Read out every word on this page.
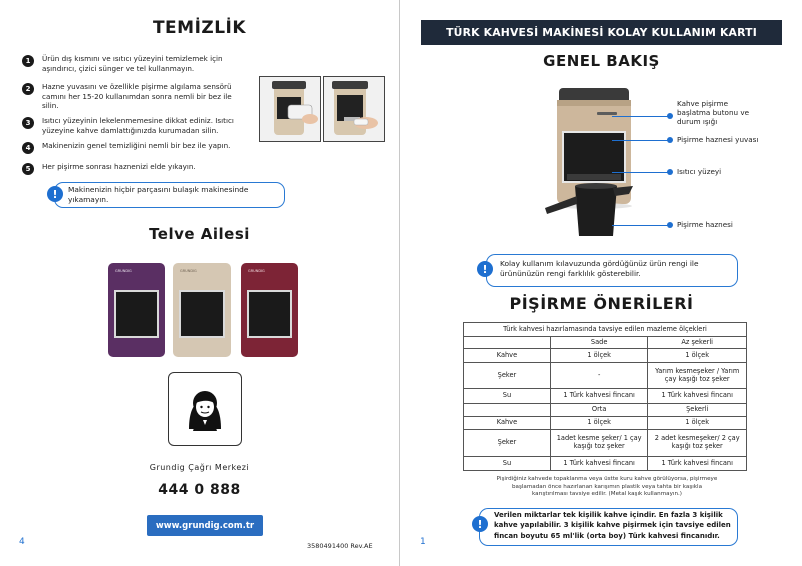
TEMİZLİK
1	Ürün dış kısmını ve ısıtıcı yüzeyini temizlemek için aşındırıcı, çizici sünger ve tel kullanmayın.
2	Hazne yuvasını ve özellikle pişirme algılama sensörü camını her 15-20 kullanımdan sonra nemli bir bez ile silin.
3	Isıtıcı yüzeyinin lekelenmemesine dikkat ediniz. Isıtıcı yüzeyine kahve damlattığınızda kurumadan silin.
4	Makinenizin genel temizliğini nemli bir bez ile yapın.
5	Her pişirme sonrası haznenizi elde yıkayın.
!	Makinenizin hiçbir parçasını bulaşık makinesinde yıkamayın.
Telve Ailesi
GRUNDIG	GRUNDIG	GRUNDIG
Grundig Çağrı Merkezi
444 0 888
www.grundig.com.tr
4	3580491400 Rev.AE
TÜRK KAHVESİ MAKİNESİ KOLAY KULLANIM KARTI
GENEL BAKIŞ
Kahve pişirme başlatma butonu ve durum ışığı
Pişirme haznesi yuvası
Isıtıcı yüzeyi
Pişirme haznesi
!	Kolay kullanım kılavuzunda gördüğünüz ürün rengi ile ürününüzün rengi farklılık gösterebilir.
PİŞİRME ÖNERİLERİ
Türk kahvesi hazırlamasında tavsiye edilen mazleme ölçekleri		
	Sade	Az şekerli
Kahve	1 ölçek	1 ölçek
Şeker	-	Yarım kesmeşeker / Yarım çay kaşığı toz şeker
Su	1 Türk kahvesi fincanı	1 Türk kahvesi fincanı
	Orta	Şekerli
Kahve	1 ölçek	1 ölçek
Şeker	1adet kesme şeker/ 1 çay kaşığı toz şeker	2 adet kesmeşeker/ 2 çay kaşığı toz şeker
Su	1 Türk kahvesi fincanı	1 Türk kahvesi fincanı
Pişirdiğiniz kahvede topaklanma veya üstte kuru kahve görülüyorsa, pişirmeye başlamadan önce hazırlanan karışımın plastik veya tahta bir kaşıkla karıştırılması tavsiye edilir. (Metal kaşık kullanmayın.)
!
Verilen miktarlar tek kişilik kahve içindir. En fazla 3 kişilik kahve yapılabilir. 3 kişilik kahve pişirmek için tavsiye edilen fincan boyutu 65 ml'lik (orta boy) Türk kahvesi fincanıdır.
1
